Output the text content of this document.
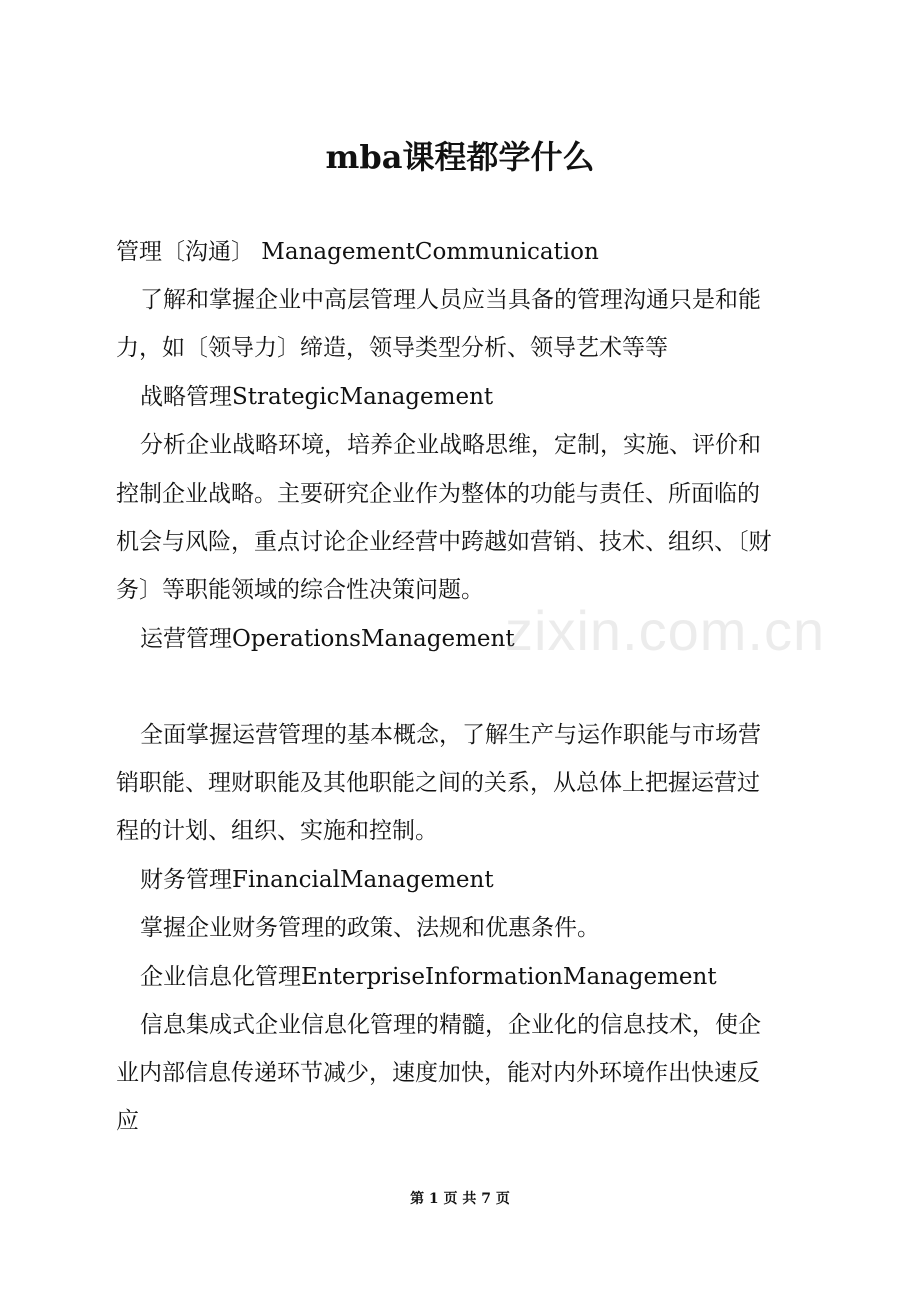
mba课程都学什么
管理〔沟通〕 ManagementCommunication
了解和掌握企业中高层管理人员应当具备的管理沟通只是和能
力，如〔领导力〕缔造，领导类型分析、领导艺术等等
战略管理StrategicManagement
分析企业战略环境，培养企业战略思维，定制，实施、评价和
控制企业战略。主要研究企业作为整体的功能与责任、所面临的
机会与风险，重点讨论企业经营中跨越如营销、技术、组织、〔财
务〕等职能领域的综合性决策问题。
运营管理OperationsManagement
全面掌握运营管理的基本概念，了解生产与运作职能与市场营
销职能、理财职能及其他职能之间的关系，从总体上把握运营过
程的计划、组织、实施和控制。
财务管理FinancialManagement
掌握企业财务管理的政策、法规和优惠条件。
企业信息化管理EnterpriseInformationManagement
信息集成式企业信息化管理的精髓，企业化的信息技术，使企
业内部信息传递环节减少，速度加快，能对内外环境作出快速反
应
zixin.com.cn
第 1 页 共 7 页
